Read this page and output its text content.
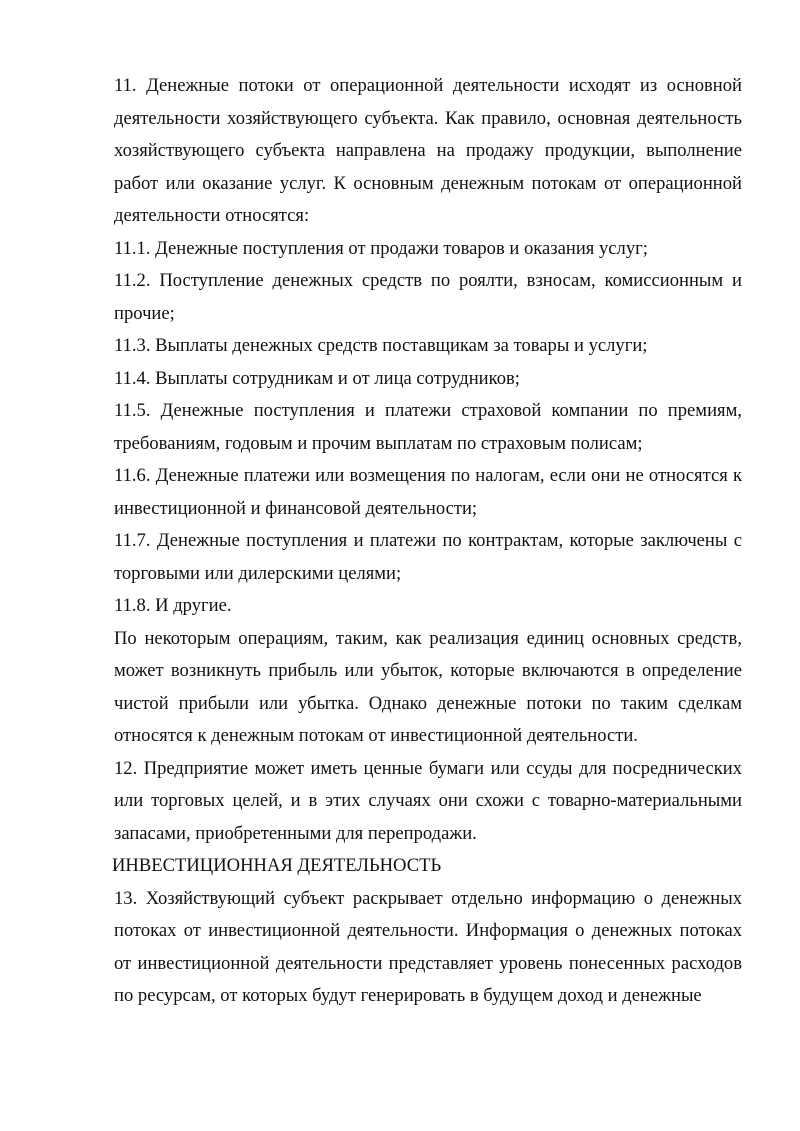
11. Денежные потоки от операционной деятельности исходят из основной деятельности хозяйствующего субъекта. Как правило, основная деятельность хозяйствующего субъекта направлена на продажу продукции, выполнение работ или оказание услуг. К основным денежным потокам от операционной деятельности относятся:

11.1. Денежные поступления от продажи товаров и оказания услуг;

11.2. Поступление денежных средств по роялти, взносам, комиссионным и прочие;

11.3. Выплаты денежных средств поставщикам за товары и услуги;

11.4. Выплаты сотрудникам и от лица сотрудников;

11.5. Денежные поступления и платежи страховой компании по премиям, требованиям, годовым и прочим выплатам по страховым полисам;

11.6. Денежные платежи или возмещения по налогам, если они не относятся к инвестиционной и финансовой деятельности;

11.7. Денежные поступления и платежи по контрактам, которые заключены с торговыми или дилерскими целями;

11.8. И другие.

По некоторым операциям, таким, как реализация единиц основных средств, может возникнуть прибыль или убыток, которые включаются в определение чистой прибыли или убытка. Однако денежные потоки по таким сделкам относятся к денежным потокам от инвестиционной деятельности.

12. Предприятие может иметь ценные бумаги или ссуды для посреднических или торговых целей, и в этих случаях они схожи с товарно-материальными запасами, приобретенными для перепродажи.

ИНВЕСТИЦИОННАЯ ДЕЯТЕЛЬНОСТЬ

13. Хозяйствующий субъект раскрывает отдельно информацию о денежных потоках от инвестиционной деятельности. Информация о денежных потоках от инвестиционной деятельности представляет уровень понесенных расходов по ресурсам, от которых будут генерировать в будущем доход и денежные
